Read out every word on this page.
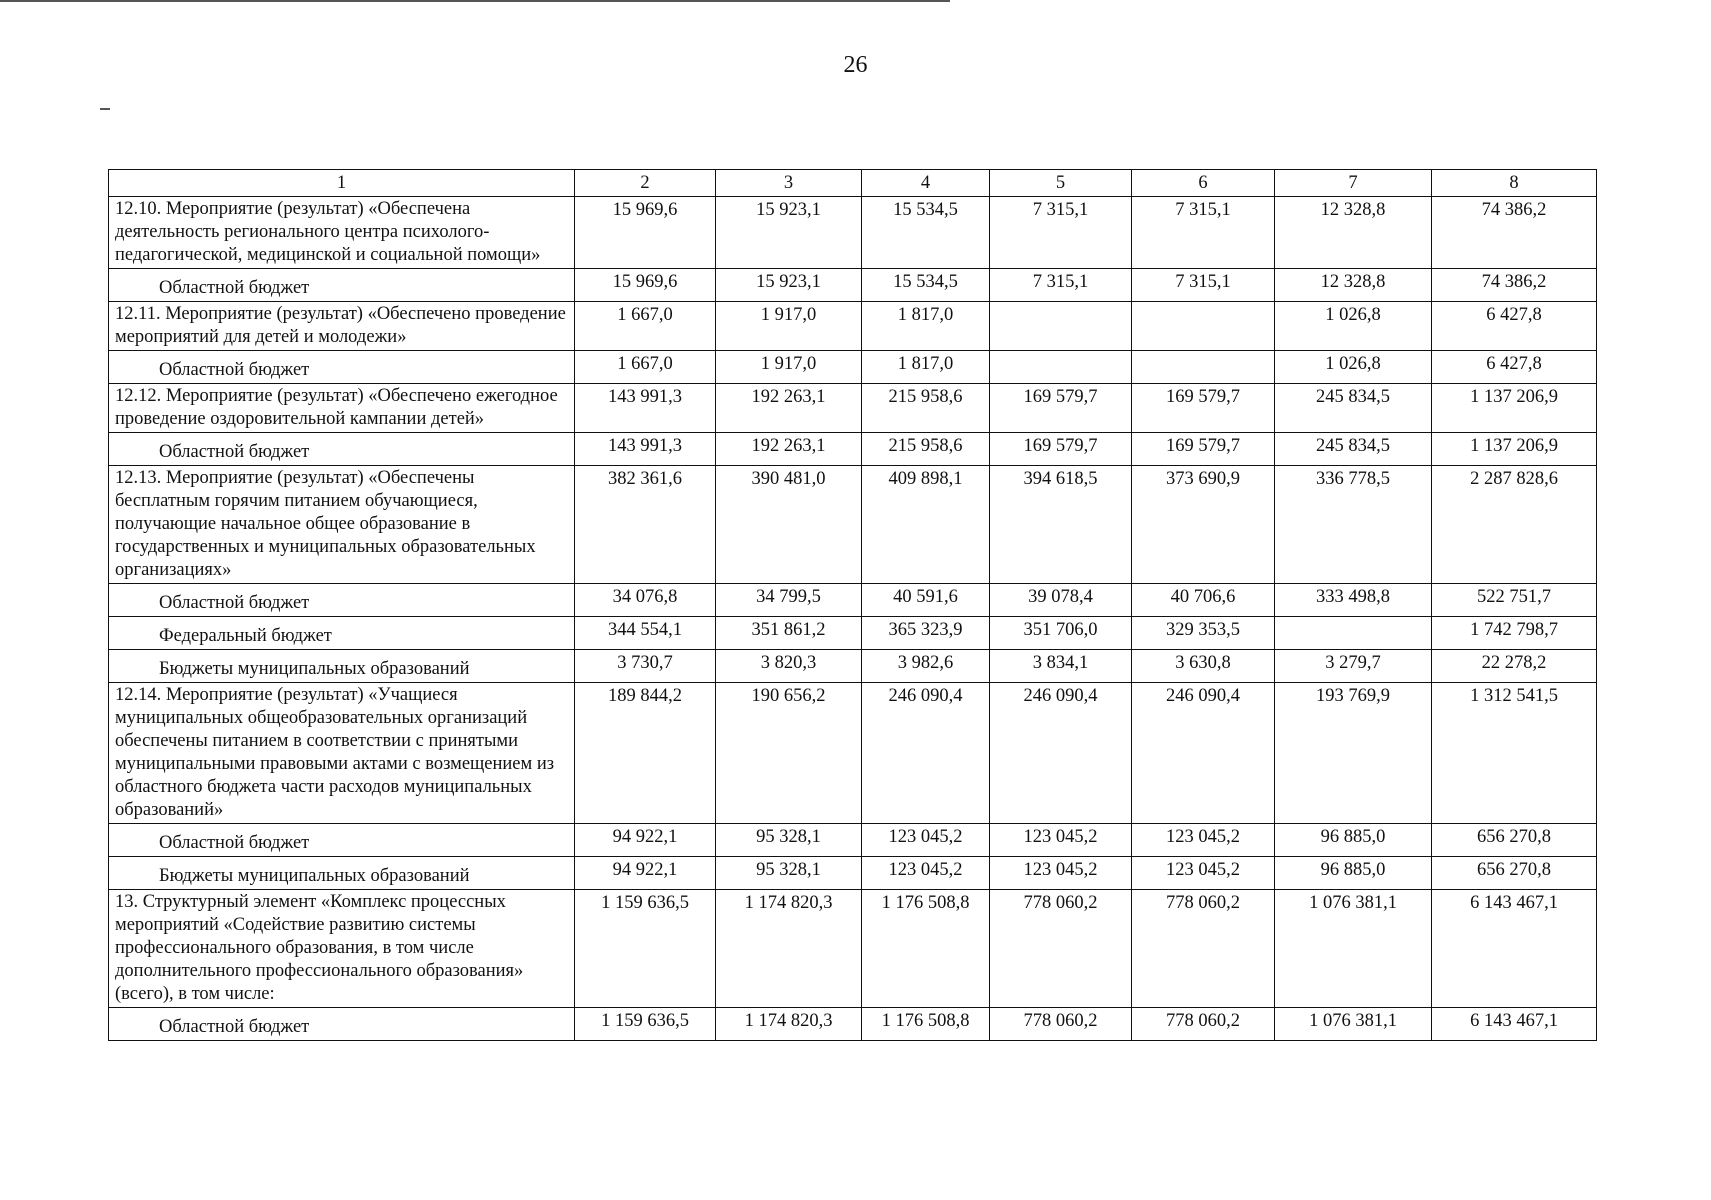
26
1	2	3	4	5	6	7	8
12.10. Мероприятие (результат) «Обеспечена деятельность регионального центра психолого-педагогической, медицинской и социальной помощи»	15 969,6	15 923,1	15 534,5	7 315,1	7 315,1	12 328,8	74 386,2
Областной бюджет	15 969,6	15 923,1	15 534,5	7 315,1	7 315,1	12 328,8	74 386,2
12.11. Мероприятие (результат) «Обеспечено проведение мероприятий для детей и молодежи»	1 667,0	1 917,0	1 817,0			1 026,8	6 427,8
Областной бюджет	1 667,0	1 917,0	1 817,0			1 026,8	6 427,8
12.12. Мероприятие (результат) «Обеспечено ежегодное проведение оздоровительной кампании детей»	143 991,3	192 263,1	215 958,6	169 579,7	169 579,7	245 834,5	1 137 206,9
Областной бюджет	143 991,3	192 263,1	215 958,6	169 579,7	169 579,7	245 834,5	1 137 206,9
12.13. Мероприятие (результат) «Обеспечены бесплатным горячим питанием обучающиеся, получающие начальное общее образование в государственных и муниципальных образовательных организациях»	382 361,6	390 481,0	409 898,1	394 618,5	373 690,9	336 778,5	2 287 828,6
Областной бюджет	34 076,8	34 799,5	40 591,6	39 078,4	40 706,6	333 498,8	522 751,7
Федеральный бюджет	344 554,1	351 861,2	365 323,9	351 706,0	329 353,5		1 742 798,7
Бюджеты муниципальных образований	3 730,7	3 820,3	3 982,6	3 834,1	3 630,8	3 279,7	22 278,2
12.14. Мероприятие (результат) «Учащиеся муниципальных общеобразовательных организаций обеспечены питанием в соответствии с принятыми муниципальными правовыми актами с возмещением из областного бюджета части расходов муниципальных образований»	189 844,2	190 656,2	246 090,4	246 090,4	246 090,4	193 769,9	1 312 541,5
Областной бюджет	94 922,1	95 328,1	123 045,2	123 045,2	123 045,2	96 885,0	656 270,8
Бюджеты муниципальных образований	94 922,1	95 328,1	123 045,2	123 045,2	123 045,2	96 885,0	656 270,8
13. Структурный элемент «Комплекс процессных мероприятий «Содействие развитию системы профессионального образования, в том числе дополнительного профессионального образования» (всего), в том числе:	1 159 636,5	1 174 820,3	1 176 508,8	778 060,2	778 060,2	1 076 381,1	6 143 467,1
Областной бюджет	1 159 636,5	1 174 820,3	1 176 508,8	778 060,2	778 060,2	1 076 381,1	6 143 467,1
